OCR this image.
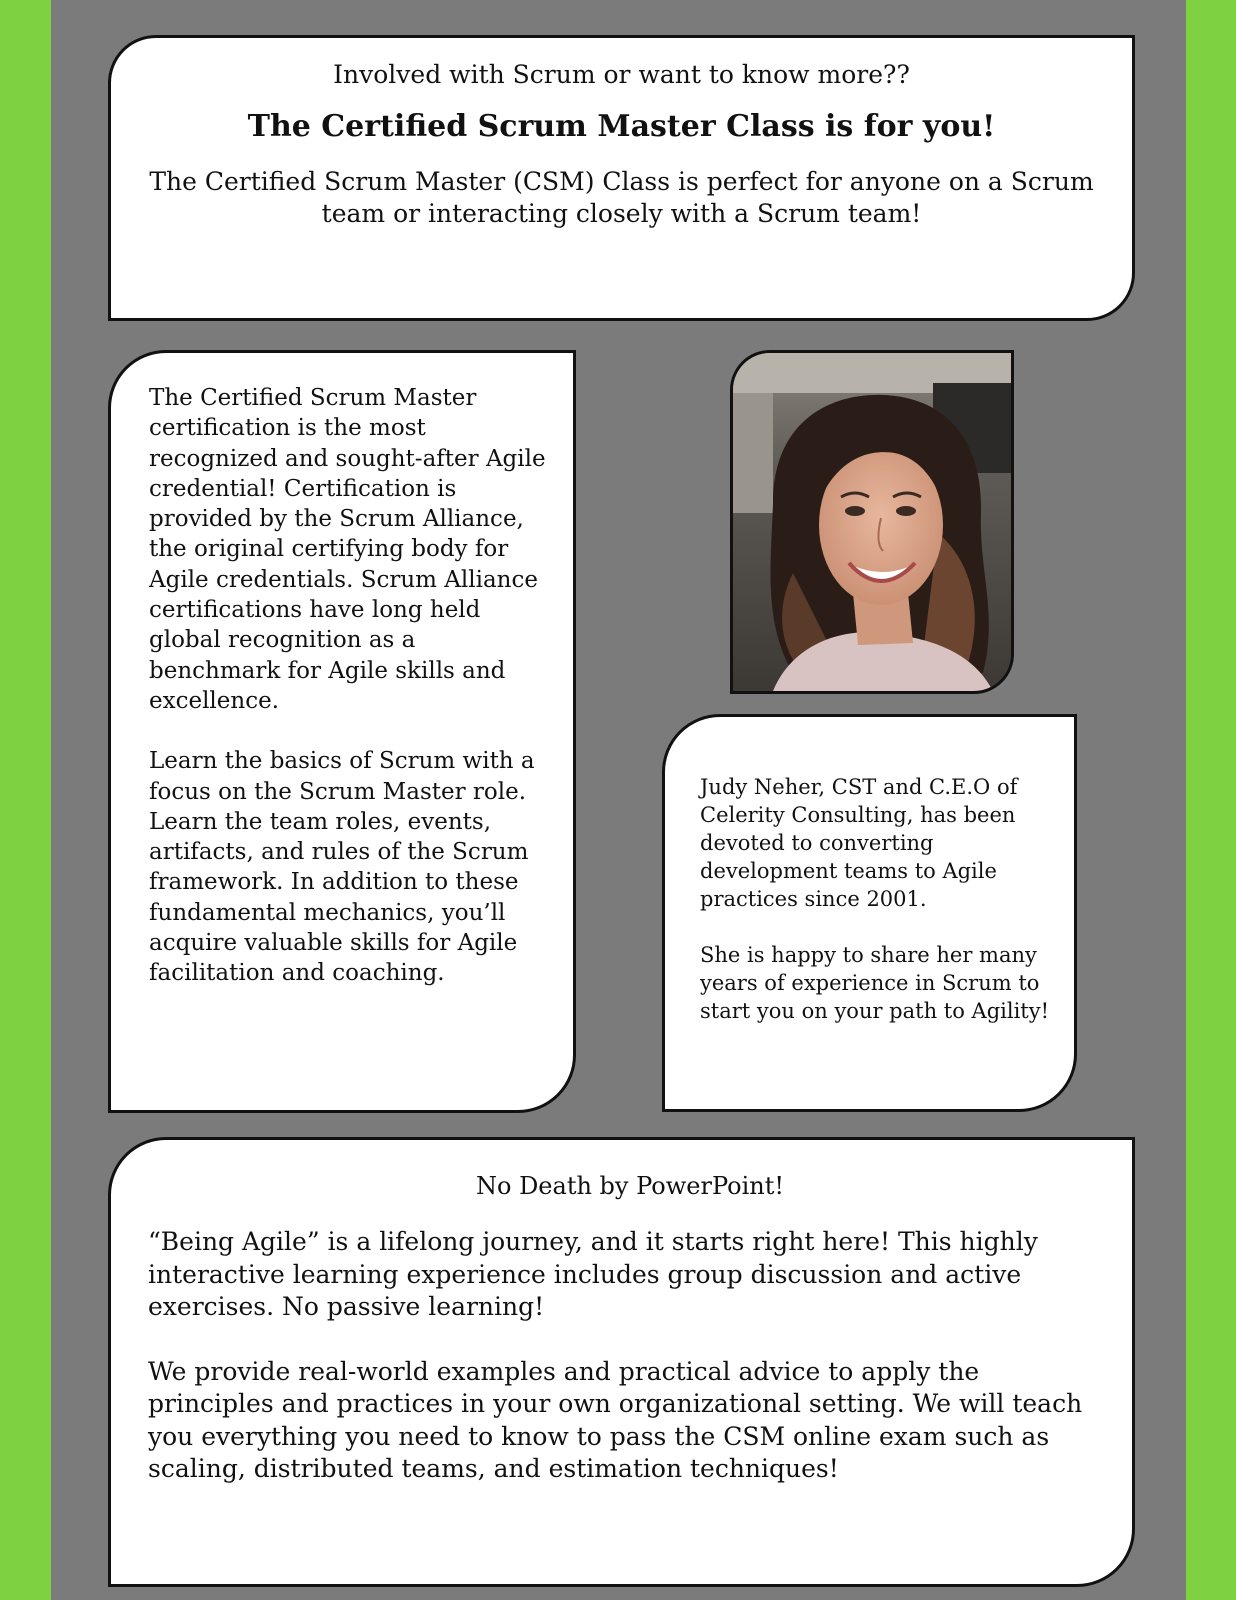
Involved with Scrum or want to know more??

The Certified Scrum Master Class is for you!

The Certified Scrum Master (CSM) Class is perfect for anyone on a Scrum team or interacting closely with a Scrum team!

The Certified Scrum Master certification is the most recognized and sought-after Agile credential! Certification is provided by the Scrum Alliance, the original certifying body for Agile credentials. Scrum Alliance certifications have long held global recognition as a benchmark for Agile skills and excellence.

Learn the basics of Scrum with a focus on the Scrum Master role. Learn the team roles, events, artifacts, and rules of the Scrum framework. In addition to these fundamental mechanics, you’ll acquire valuable skills for Agile facilitation and coaching.

Judy Neher, CST and C.E.O of Celerity Consulting, has been devoted to converting development teams to Agile practices since 2001.

She is happy to share her many years of experience in Scrum to start you on your path to Agility!

No Death by PowerPoint!

“Being Agile” is a lifelong journey, and it starts right here! This highly interactive learning experience includes group discussion and active exercises. No passive learning!

We provide real-world examples and practical advice to apply the principles and practices in your own organizational setting. We will teach you everything you need to know to pass the CSM online exam such as scaling, distributed teams, and estimation techniques!
